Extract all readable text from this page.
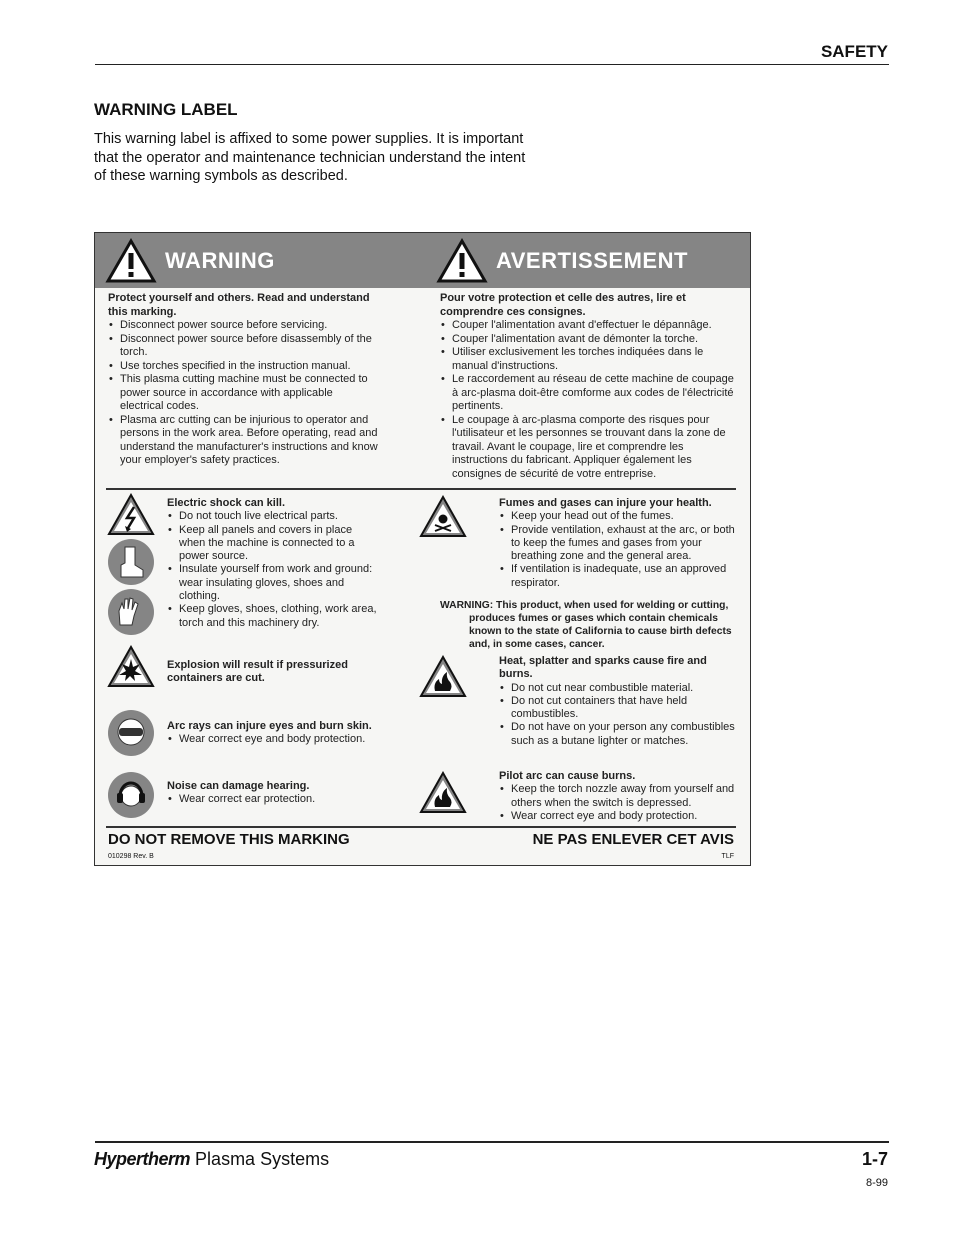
SAFETY
WARNING LABEL
This warning label is affixed to some power supplies. It is important that the operator and maintenance technician understand the intent of these warning symbols as described.
WARNING	AVERTISSEMENT
Protect yourself and others. Read and understand this marking.
• Disconnect power source before servicing.
• Disconnect power source before disassembly of the torch.
• Use torches specified in the instruction manual.
• This plasma cutting machine must be connected to power source in accordance with applicable electrical codes.
• Plasma arc cutting can be injurious to operator and persons in the work area. Before operating, read and understand the manufacturer's instructions and know your employer's safety practices.
Pour votre protection et celle des autres, lire et comprendre ces consignes.
• Couper l'alimentation avant d'effectuer le dépannâge.
• Couper l'alimentation avant de démonter la torche.
• Utiliser exclusivement les torches indiquées dans le manual d'instructions.
• Le raccordement au réseau de cette machine de coupage à arc-plasma doit-être comforme aux codes de l'électricité pertinents.
• Le coupage à arc-plasma comporte des risques pour l'utilisateur et les personnes se trouvant dans la zone de travail. Avant le coupage, lire et comprendre les instructions du fabricant. Appliquer également les consignes de sécurité de votre entreprise.
Electric shock can kill.
• Do not touch live electrical parts.
• Keep all panels and covers in place when the machine is connected to a power source.
• Insulate yourself from work and ground: wear insulating gloves, shoes and clothing.
• Keep gloves, shoes, clothing, work area, torch and this machinery dry.
Explosion will result if pressurized containers are cut.
Arc rays can injure eyes and burn skin.
• Wear correct eye and body protection.
Noise can damage hearing.
• Wear correct ear protection.
Fumes and gases can injure your health.
• Keep your head out of the fumes.
• Provide ventilation, exhaust at the arc, or both to keep the fumes and gases from your breathing zone and the general area.
• If ventilation is inadequate, use an approved respirator.
WARNING: This product, when used for welding or cutting,
produces fumes or gases which contain chemicals known to the state of California to cause birth defects and, in some cases, cancer.
Heat, splatter and sparks cause fire and burns.
• Do not cut near combustible material.
• Do not cut containers that have held combustibles.
• Do not have on your person any combustibles such as a butane lighter or matches.
Pilot arc can cause burns.
• Keep the torch nozzle away from yourself and others when the switch is depressed.
• Wear correct eye and body protection.
DO NOT REMOVE THIS MARKING	NE PAS ENLEVER CET AVIS
010298 Rev. B	TLF
Hypertherm Plasma Systems	1-7
8-99
